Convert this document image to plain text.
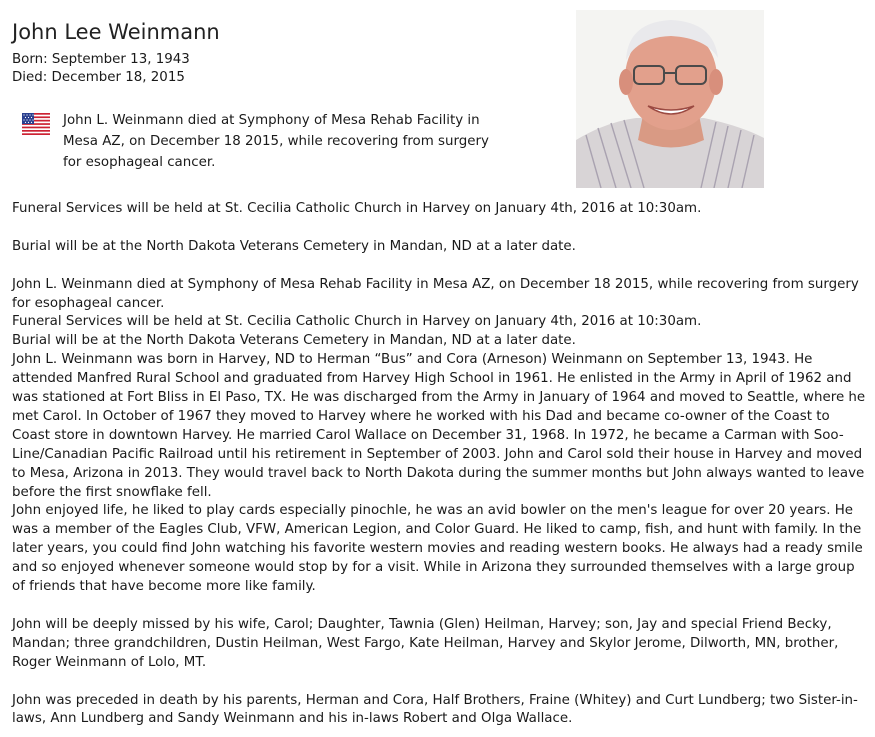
John Lee Weinmann
Born: September 13, 1943
Died: December 18, 2015
John L. Weinmann died at Symphony of Mesa Rehab Facility in Mesa AZ, on December 18 2015, while recovering from surgery for esophageal cancer.

Funeral Services will be held at St. Cecilia Catholic Church in Harvey on January 4th, 2016 at 10:30am.

Burial will be at the North Dakota Veterans Cemetery in Mandan, ND at a later date.

John L. Weinmann died at Symphony of Mesa Rehab Facility in Mesa AZ, on December 18 2015, while recovering from surgery for esophageal cancer.

Funeral Services will be held at St. Cecilia Catholic Church in Harvey on January 4th, 2016 at 10:30am.

Burial will be at the North Dakota Veterans Cemetery in Mandan, ND at a later date.

John L. Weinmann was born in Harvey, ND to Herman “Bus” and Cora (Arneson) Weinmann on September 13, 1943. He attended Manfred Rural School and graduated from Harvey High School in 1961. He enlisted in the Army in April of 1962 and was stationed at Fort Bliss in El Paso, TX. He was discharged from the Army in January of 1964 and moved to Seattle, where he met Carol. In October of 1967 they moved to Harvey where he worked with his Dad and became co-owner of the Coast to Coast store in downtown Harvey. He married Carol Wallace on December 31, 1968. In 1972, he became a Carman with Soo-Line/Canadian Pacific Railroad until his retirement in September of 2003. John and Carol sold their house in Harvey and moved to Mesa, Arizona in 2013. They would travel back to North Dakota during the summer months but John always wanted to leave before the first snowflake fell.

John enjoyed life, he liked to play cards especially pinochle, he was an avid bowler on the men's league for over 20 years. He was a member of the Eagles Club, VFW, American Legion, and Color Guard. He liked to camp, fish, and hunt with family. In the later years, you could find John watching his favorite western movies and reading western books. He always had a ready smile and so enjoyed whenever someone would stop by for a visit. While in Arizona they surrounded themselves with a large group of friends that have become more like family.

John will be deeply missed by his wife, Carol; Daughter, Tawnia (Glen) Heilman, Harvey; son, Jay and special Friend Becky, Mandan; three grandchildren, Dustin Heilman, West Fargo, Kate Heilman, Harvey and Skylor Jerome, Dilworth, MN, brother, Roger Weinmann of Lolo, MT.

John was preceded in death by his parents, Herman and Cora, Half Brothers, Fraine (Whitey) and Curt Lundberg; two Sister-in-laws, Ann Lundberg and Sandy Weinmann and his in-laws Robert and Olga Wallace.
